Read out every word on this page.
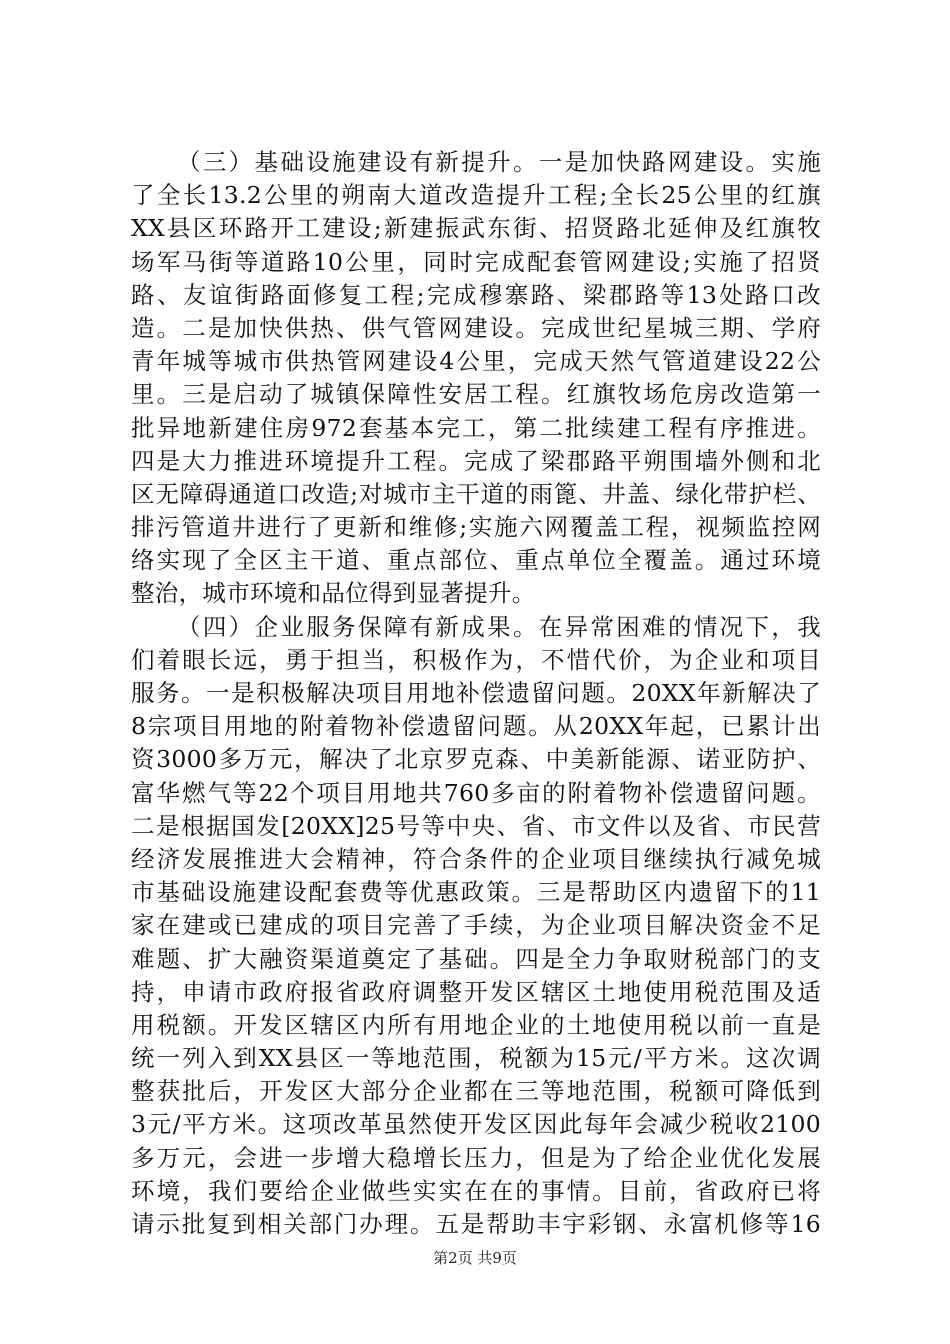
（三）基础设施建设有新提升。一是加快路网建设。实施
了全长13.2公里的朔南大道改造提升工程;全长25公里的红旗
XX县区环路开工建设;新建振武东街、招贤路北延伸及红旗牧
场军马街等道路10公里，同时完成配套管网建设;实施了招贤
路、友谊街路面修复工程;完成穆寨路、梁郡路等13处路口改
造。二是加快供热、供气管网建设。完成世纪星城三期、学府
青年城等城市供热管网建设4公里，完成天然气管道建设22公
里。三是启动了城镇保障性安居工程。红旗牧场危房改造第一
批异地新建住房972套基本完工，第二批续建工程有序推进。
四是大力推进环境提升工程。完成了梁郡路平朔围墙外侧和北
区无障碍通道口改造;对城市主干道的雨篦、井盖、绿化带护栏、
排污管道井进行了更新和维修;实施六网覆盖工程，视频监控网
络实现了全区主干道、重点部位、重点单位全覆盖。通过环境
整治，城市环境和品位得到显著提升。
（四）企业服务保障有新成果。在异常困难的情况下，我
们着眼长远，勇于担当，积极作为，不惜代价，为企业和项目
服务。一是积极解决项目用地补偿遗留问题。20XX年新解决了
8宗项目用地的附着物补偿遗留问题。从20XX年起，已累计出
资3000多万元，解决了北京罗克森、中美新能源、诺亚防护、
富华燃气等22个项目用地共760多亩的附着物补偿遗留问题。
二是根据国发[20XX]25号等中央、省、市文件以及省、市民营
经济发展推进大会精神，符合条件的企业项目继续执行减免城
市基础设施建设配套费等优惠政策。三是帮助区内遗留下的11
家在建或已建成的项目完善了手续，为企业项目解决资金不足
难题、扩大融资渠道奠定了基础。四是全力争取财税部门的支
持，申请市政府报省政府调整开发区辖区土地使用税范围及适
用税额。开发区辖区内所有用地企业的土地使用税以前一直是
统一列入到XX县区一等地范围，税额为15元/平方米。这次调
整获批后，开发区大部分企业都在三等地范围，税额可降低到
3元/平方米。这项改革虽然使开发区因此每年会减少税收2100
多万元，会进一步增大稳增长压力，但是为了给企业优化发展
环境，我们要给企业做些实实在在的事情。目前，省政府已将
请示批复到相关部门办理。五是帮助丰宇彩钢、永富机修等16
第2页 共9页
